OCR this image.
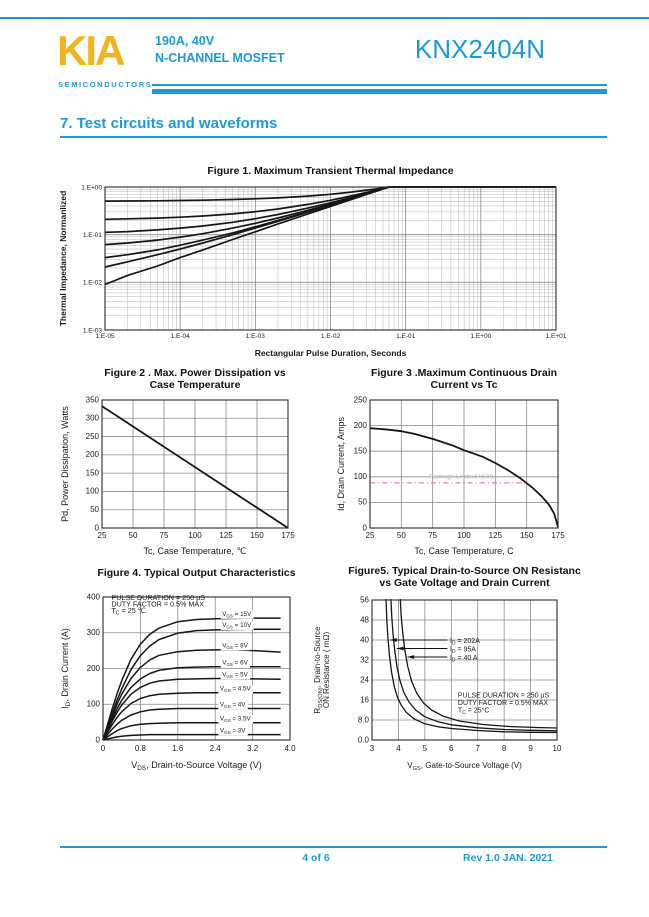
KIA
SEMICONDUCTORS
190A, 40V
N-CHANNEL MOSFET	KNX2404N
7. Test circuits and waveforms
1.E-05	1.E-04	1.E-03	1.E-02	1.E-01	1.E+00	1.E+01
1.E+00
1.E-01
1.E-02
1.E-03
Figure 1. Maximum Transient Thermal Impedance
Rectangular Pulse Duration, Seconds
Thermal Impedance, Normanlized
25	50	75 100 125 150 175
0
50
100
150
200
250
300
350
Figure 2 . Max. Power Dissipation vs
Case Temperature
Tc, Case Temperature, ℃
Pd, Power Dissipation, Watts
25	50	75	100 125 150 175
0
50
100
150
200
250
Package Limited Id 90A
Figure 3 .Maximum Continuous Drain
Current vs Tc
Tc, Case Temperature, C
Id, Drain Current, Amps
0	0.8	1.6	2.4	3.2	4.0
0
100
200
300
400 PULSE DURATION = 250 µS
DUTY FACTOR = 0.5% MAX
$T_C = 25$ ℃	$V_{GS} = 15V$
$V_{GS} = 10V$
$V_{GS} = 8V$
$V_{GS} = 6V$
$V_{GS} = 5V$
$V_{GS} = 4.5V$
$V_{GS} = 4V$
$V_{GS} = 3.5V$
$V_{GS} = 3V$
Figure 4. Typical Output Characteristics
$V_{DS}$, Drain-to-Source Voltage (V)
$I_D$, Drain Current (A)
3	4	5	6	7	8	9 10
0.0
8.0
16
24
32
40
48
56
$I_D = 202A$
$I_D = 95A$
$I_D = 40$ A
PULSE DURATION = 250 µS
DUTY FACTOR = 0.5% MAX
$T_C = 25^\circ C$
Figure5. Typical Drain-to-Source ON Resistanc
vs Gate Voltage and Drain Current
$V_{GS}$, Gate-to-Source Voltage (V)
$R_{DS(ON)}$, Drain-to-Source ON Resistance ( mΩ)
4 of 6	Rev 1.0 JAN. 2021
